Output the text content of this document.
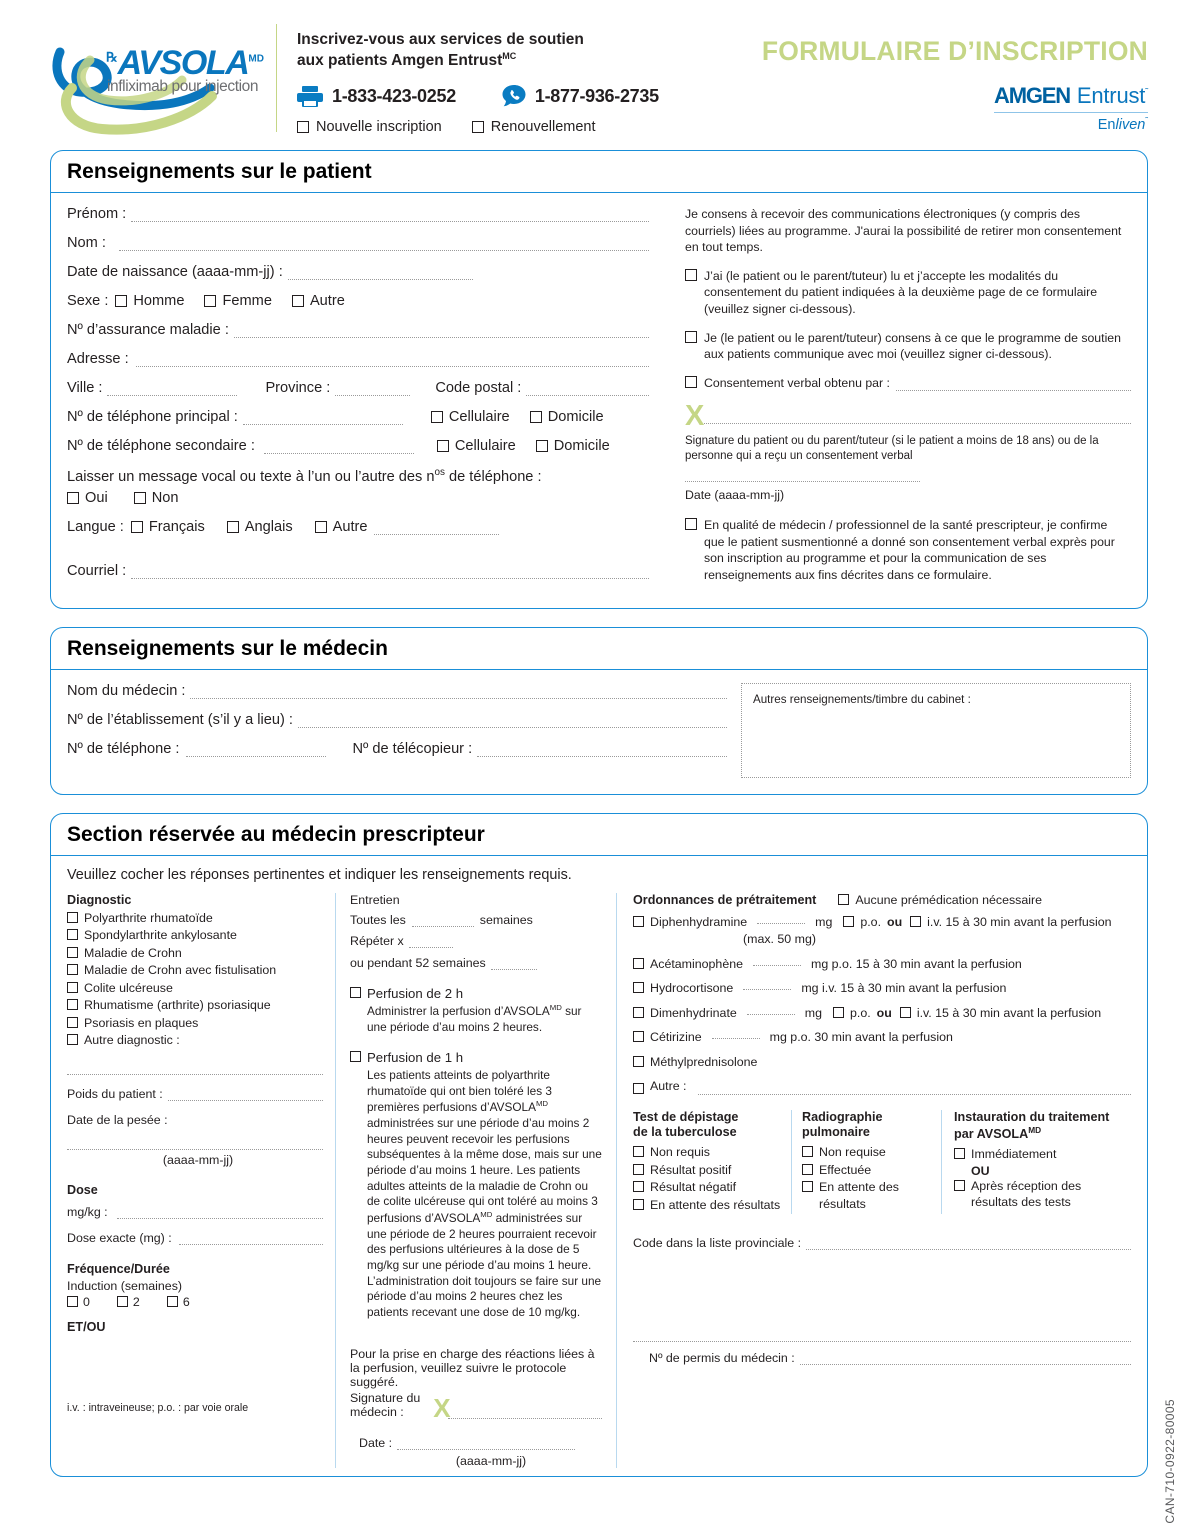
$^℞AVSOLA^{MD}$
infliximab pour injection
Inscrivez-vous aux services de soutien
aux patients Amgen Entrust$^{MC}$
1-833-423-0252	1-877-936-2735
Nouvelle inscription	Renouvellement
FORMULAIRE D’INSCRIPTION
AMGEN Entrust˜
Enliven˜
Renseignements sur le patient
Prénom :
Nom :
Date de naissance (aaaa-mm-jj) :
Sexe : Homme	Femme	Autre
Nº d’assurance maladie :
Adresse :
Ville :	Province :	Code postal :
Nº de téléphone principal :	Cellulaire	Domicile
Nº de téléphone secondaire :	Cellulaire	Domicile
Laisser un message vocal ou texte à l’un ou l’autre des $n^{os}$ de téléphone :
Oui	Non
Langue : Français	Anglais	Autre
Courriel :

Je consens à recevoir des communications électroniques (y compris des courriels) liées au programme. J'aurai la possibilité de retirer mon consentement en tout temps.

J’ai (le patient ou le parent/tuteur) lu et j’accepte les modalités du consentement du patient indiquées à la deuxième page de ce formulaire (veuillez signer ci-dessous).
Je (le patient ou le parent/tuteur) consens à ce que le programme de soutien aux patients communique avec moi (veuillez signer ci-dessous).
Consentement verbal obtenu par :
X
Signature du patient ou du parent/tuteur (si le patient a moins de 18 ans) ou de la personne qui a reçu un consentement verbal
Date (aaaa-mm-jj)
En qualité de médecin / professionnel de la santé prescripteur, je confirme que le patient susmentionné a donné son consentement verbal exprès pour son inscription au programme et pour la communication de ses renseignements aux fins décrites dans ce formulaire.
Renseignements sur le médecin
Nom du médecin :
Nº de l’établissement (s’il y a lieu) :
Nº de téléphone :	Nº de télécopieur :
Autres renseignements/timbre du cabinet :
Section réservée au médecin prescripteur
Veuillez cocher les réponses pertinentes et indiquer les renseignements requis.
Diagnostic
Polyarthrite rhumatoïde
Spondylarthrite ankylosante
Maladie de Crohn
Maladie de Crohn avec fistulisation
Colite ulcéreuse
Rhumatisme (arthrite) psoriasique
Psoriasis en plaques
Autre diagnostic :
Poids du patient :
Date de la pesée :
(aaaa-mm-jj)
Dose
mg/kg :
Dose exacte (mg) :
Fréquence/Durée
Induction (semaines)
0	2	6
ET/OU
i.v. : intraveineuse; p.o. : par voie orale
Entretien
Toutes les	semaines
Répéter x
ou pendant 52 semaines
Perfusion de 2 h
Administrer la perfusion $d’AVSOLA^{MD}$ sur une période d’au moins 2 heures.
Perfusion de 1 h
Les patients atteints de polyarthrite rhumatoïde qui ont bien toléré les 3 premières perfusions $d’AVSOLA^{MD}$ administrées sur une période d’au moins 2 heures peuvent recevoir les perfusions subséquentes à la même dose, mais sur une période d’au moins 1 heure. Les patients adultes atteints de la maladie de Crohn ou de colite ulcéreuse qui ont toléré au moins 3 perfusions $d’AVSOLA^{MD}$ administrées sur une période de 2 heures pourraient recevoir des perfusions ultérieures à la dose de 5 mg/kg sur une période d’au moins 1 heure. L’administration doit toujours se faire sur une période d’au moins 2 heures chez les patients recevant une dose de 10 mg/kg.
Pour la prise en charge des réactions liées à la perfusion, veuillez suivre le protocole suggéré.
Signature du médecin :	X
Date :
(aaaa-mm-jj)
Ordonnances de prétraitement	Aucune prémédication nécessaire
Diphenhydramine	mg p.o. ou i.v. 15 à 30 min avant la perfusion
(max. 50 mg)
Acétaminophène	mg p.o. 15 à 30 min avant la perfusion
Hydrocortisone	mg i.v. 15 à 30 min avant la perfusion
Dimenhydrinate	mg p.o. ou i.v. 15 à 30 min avant la perfusion
Cétirizine	mg p.o. 30 min avant la perfusion
Méthylprednisolone
Autre :
Test de dépistage
de la tuberculose
Non requis
Résultat positif
Résultat négatif
En attente des résultats
Radiographie
pulmonaire
Non requise
Effectuée
En attente des résultats
Instauration du traitement
par $AVSOLA^{MD}$
Immédiatement
OU
Après réception des résultats des tests
Code dans la liste provinciale :
Nº de permis du médecin :
CAN-710-0922-80005
